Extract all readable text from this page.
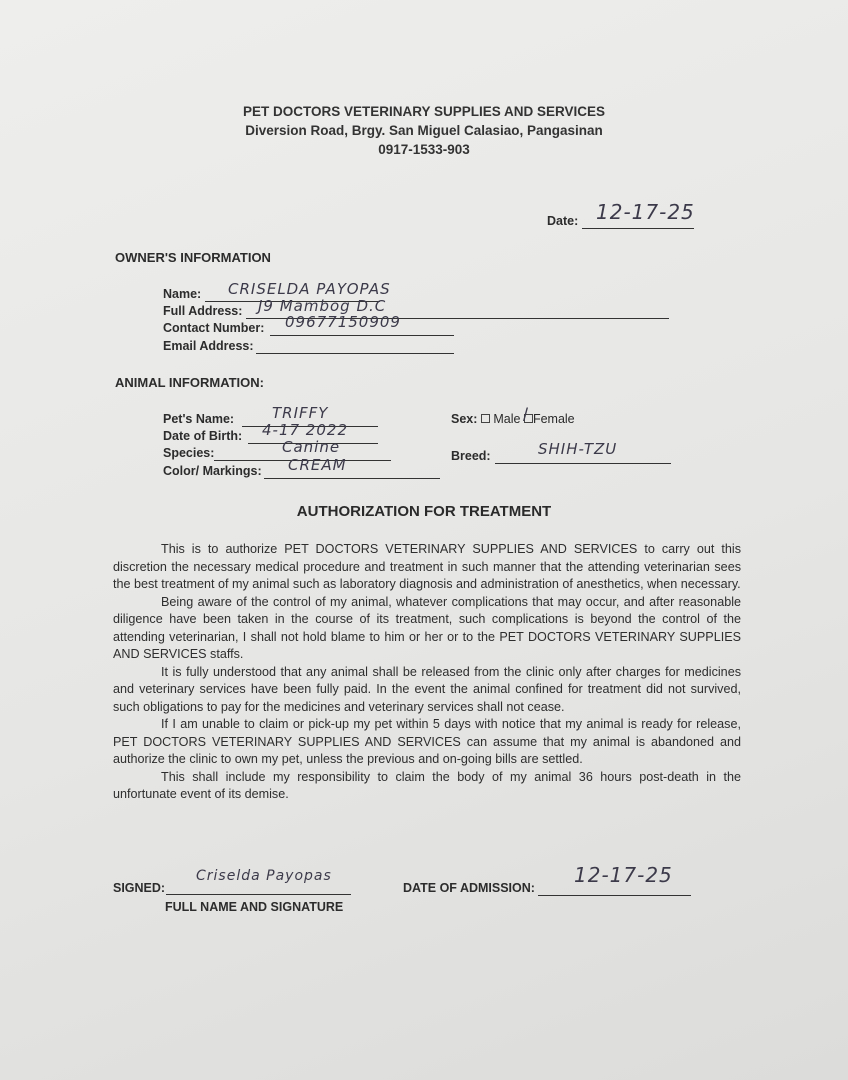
PET DOCTORS VETERINARY SUPPLIES AND SERVICES
Diversion Road, Brgy. San Miguel Calasiao, Pangasinan
0917-1533-903
Date: 12-17-25
OWNER'S INFORMATION
Name: CRISELDA PAYOPAS
Full Address: J9 Mambog D.C
Contact Number: 09677150909
Email Address:
ANIMAL INFORMATION:
Pet's Name:	TRIFFY
Date of Birth: 4-17 2022
Species:	Canine
Color/ Markings: CREAM
Sex: Male / Female
Breed:	SHIH-TZU
AUTHORIZATION FOR TREATMENT

This is to authorize PET DOCTORS VETERINARY SUPPLIES AND SERVICES to carry out this discretion the necessary medical procedure and treatment in such manner that the attending veterinarian sees the best treatment of my animal such as laboratory diagnosis and administration of anesthetics, when necessary.

Being aware of the control of my animal, whatever complications that may occur, and after reasonable diligence have been taken in the course of its treatment, such complications is beyond the control of the attending veterinarian, I shall not hold blame to him or her or to the PET DOCTORS VETERINARY SUPPLIES AND SERVICES staffs.

It is fully understood that any animal shall be released from the clinic only after charges for medicines and veterinary services have been fully paid. In the event the animal confined for treatment did not survived, such obligations to pay for the medicines and veterinary services shall not cease.

If I am unable to claim or pick-up my pet within 5 days with notice that my animal is ready for release, PET DOCTORS VETERINARY SUPPLIES AND SERVICES can assume that my animal is abandoned and authorize the clinic to own my pet, unless the previous and on-going bills are settled.

This shall include my responsibility to claim the body of my animal 36 hours post-death in the unfortunate event of its demise.

SIGNED:
Criselda Payopas
FULL NAME AND SIGNATURE
DATE OF ADMISSION:
12-17-25
